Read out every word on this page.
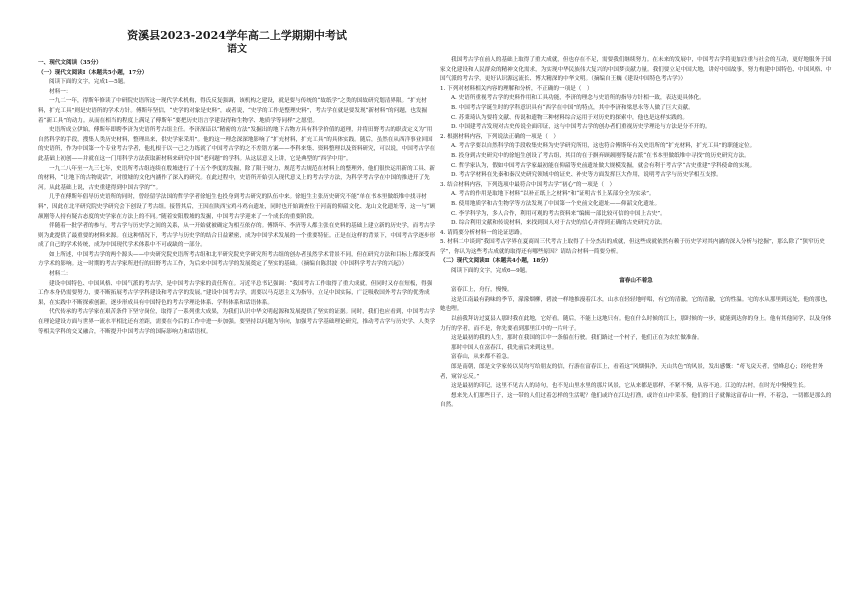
资溪县2023-2024学年高二上学期期中考试

语文

一、现代文阅读（35分）

（一）现代文阅读Ⅰ（本题共5小题，17分）

阅读下面的文字，完成1—5题。

材料一：

一九二一年，得斯年修读了中研院史语所这一现代学术机构，得氏反复强调，该机构之建设，就是要与传统的“故纸学”之类的国故研究划清界限。“扩充材料，扩充工具”则是史语所的学术方针。傅斯年坚信，“史学的对象是史料”，或者说，“史学的工作是整理史料”，考古学在就是要发现“新材料”的问题，也发掘着“新工具”的动力。从而在相当的程度上满足了傅斯年“要把历史语言学建设得和生物学、地质学等同样”之愿望。

史语所成立伊始，傅斯年即聘李济为史语所考古组主任。李济深谙以“精密的方法”发掘出的地下古物方具有科学价值的道理，并将田野考古的职责定义为“用自然科学的手段，搜集人类历史材料，整理出来，供史学家采用”。他的这一理念深深地影响了“扩充材料，扩充工具”的具体实践。随后，虽然在从西洋事业回国的史语所，作为中国第一个专业考古学者，他扎根于以一己之力练就了中国考古学的之不差错方案——李科来集、资料整理以及资料研究，可以说，中国考古学在此基础上初创——并就在这一门用科学方法获取新材料来研究中国“老问题”的学科。从这层意义上讲，它是典型的“西学中用”。

一九二八年至一九三七年，史语所考古组连续在殷墟进行了十五个季度的发掘，除了限于财力，规范考古规范在材料上的整理外，他们很快运用新的工具、新的材料，“让地下的古物说话”，对殷墟的文化内涵作了深入的研究。在此过程中，史语所开始引入现代意义上的考古学方法，为科学考古学在中国的推进开了先河。从此基础上说，古史重建得到中国古学的“”。

几乎在傅斯年倡导历史语所的同时，曾经留学法国的哲学学者徐旭生也投身到考古研究的队伍中来。徐旭生主张历史研究不能“单在书本里做纸堆中找寻材料”，因此在北平研究院史学研究会下创设了考古组。接替其后，王因在陕西宝鸡斗鸡台遗址，同时也开始调查位于河南的仰韶文化、龙山文化遗址等，这一与“顾颉刚等人持有疑古态度的史学家在方法上的不同。”随着安阳殷墟的发掘，中国考古学迎来了一个成长的重要阶段。

伴随着一批学者的参与，考古学与历史学之间的关系，从一开始就被确定为相互依存的。傅斯年、李济等人都主张在史料的基础上建立新的历史学，而考古学则为此提供了最重要的材料来源。在这种情况下，考古学与历史学的结合日益紧密，成为中国学术发展的一个重要特征。正是在这样的背景下，中国考古学逐步形成了自己的学术传统，成为中国现代学术体系中不可或缺的一部分。

如上所述，中国考古学的两个源头——中央研究院史语所考古组和北平研究院史学研究所考古组的创办者虽然学术背景不同，但在研究方法和目标上都深受西方学术的影响。这一时期的考古学家所进行的田野考古工作，为后来中国考古学的发展奠定了坚实的基础。（摘编自陈洪波《中国科学考古学的兴起》）

材料二：

建设中国特色、中国风格、中国气派的考古学，是中国考古学家的责任所在。习近平总书记强调：“我国考古工作取得了重大成就，但同时又存在短板，得强工作本身仍需要努力，要不断拓展考古学学科建设和考古学的发展。”建设中国考古学，需要以马克思主义为指导，立足中国实际，广泛吸收国外考古学的优秀成果，在实践中不断探索创新，逐步形成具有中国特色的考古学理论体系、学科体系和话语体系。

代代传承的考古学家在艰苦条件下坚守岗位，取得了一系列重大成果，为我们认识中华文明起源和发展提供了坚实的证据。同时，我们也应看到，中国考古学在理论建设方面与世界一流水平相比还有差距，需要在今后的工作中进一步加强。要坚持以问题为导向，加强考古学基础理论研究，推动考古学与历史学、人类学等相关学科的交叉融合，不断提升中国考古学的国际影响力和话语权。

我国考古学在前人的基础上取得了重大成就，但也存在不足，需要我们继续努力。在未来的发展中，中国考古学将更加注重与社会的互动，更好地服务于国家文化建设和人民群众的精神文化需求，为实现中华民族伟大复兴的中国梦贡献力量。我们要立足中国大地，讲好中国故事，努力构建中国特色、中国风格、中国气派的考古学，更好认识源远流长、博大精深的中华文明。（摘编自王巍《建设中国特色考古学》）

1. 下列对材料相关内容的理解和分析，不正确的一项是（　）

A. 史语所重视考古学的史料作用和工具功能，李济的理念与史语所的指导方针相一致，表达更具体化。

B. 中国考古学诞生时的学科意识具有“西学在中国”的特点，其中李济和梁思永等人做了巨大贡献。

C. 苏秉琦认为要将文献、传说和遗物三种材料综合运用于对历史的探索中，他也是这样实践的。

D. 中国建考古发现对古史传说全面印证，这与中国考古学的创办者们重视历史学理论与方法是分不开的。

2. 根据材料内容，下列说法正确的一项是（　）

A. 考古学要以自然科学的手段收集史料为史学研究所用，这也符合傅斯年有关史语所的“扩充材料，扩充工具”的职能定位。

B. 投身到古史研究中的徐旭生创设了考古组，其目的在于摒弃顾颉刚等疑古派“在书本里做纸堆中寻找”的历史研究方法。

C. 哲学家认为，假如中国考古学家最初能在仰韶等史前遗址做大规模发掘，就会有利于考古学“古史重建”学科使命的实现。

D. 考古学材料在先秦和秦汉史研究领域中的证史、补史等方面发挥巨大作用，说明考古学与历史学相互支撑。

3. 结合材料内容，下列选项中最符合中国考古学“初心”的一项是（　）

A. 考古的作用是取地下材料“以补正纸上之材料”和“证明古书上某部分全为实录”。

B. 使用地质学和古生物学等方法发现了中国第一个史前文化遗址——仰韶文化遗址。

C. 李学科学为，多人合作，利用可观的考古资料来“编辑一部比较可信的中国上古史”。

D. 综合利用文献和传说材料，来找到国人对于古史的信心并得到正确的古史研究方法。

4. 请简要分析材料一的论证思路。

5. 材料二中谈到“我国考古学界在夏商周三代考古上取得了十分杰出的成就，但这些成就依然有赖于历史学对其内涵的深入分析与挖掘”，那么除了“狭窄历史学”，你认为这些考古成就的取得还有哪些原因？请结合材料一简要分析。

（二）现代文阅读Ⅱ（本题共4小题，18分）

阅读下面的文字，完成6—9题。

富春山不着急

富春江上，舟行，慢慢。

这是江南最有韵味的季节，濛濛烟柳，碧波一样地推漫着江水，山水在轻轻地呼唱，有它的清澈，它的清澈，它的性温。宅的水从那里到远处，他的那也，她也哩。

以前我拜访过夏县人那时我在此地，它好看。随后，不能上这地只有。他在什么时候的江上，那时候的一步，就能到达你的身上。他有其他同学，以及身体力行的学者，而不是，你先要看到那里江中的一片叶子。

这是最初的我的人生，那时在我国的江中一条船在行驶。我们路过一个村子，他们正在为农忙做准备。

那时中国人在富春江，我先前后来到这里。

富春山，从来都不着急。

郎是南朝，郎是文学家传以吴均写给朋友的信，行游在富春江上，看着这“风烟俱净，天山共色”的风景，发出感慨：“鸢飞戾天者，望峰息心；经纶世务者，窥谷忘反。”

这是最初的印记，这里不见古人的诗句，也不见山里水里的那片风景，它从来都是那样，不紧不慢，从容不迫。江边的古村，在时光中慢慢生长。

想来先人们那些日子，这一带的人们过着怎样的生活呢？他们或许在江边打渔，或许在山中采茶，他们的日子就像这富春山一样，不着急，一切都是那么的自然。
